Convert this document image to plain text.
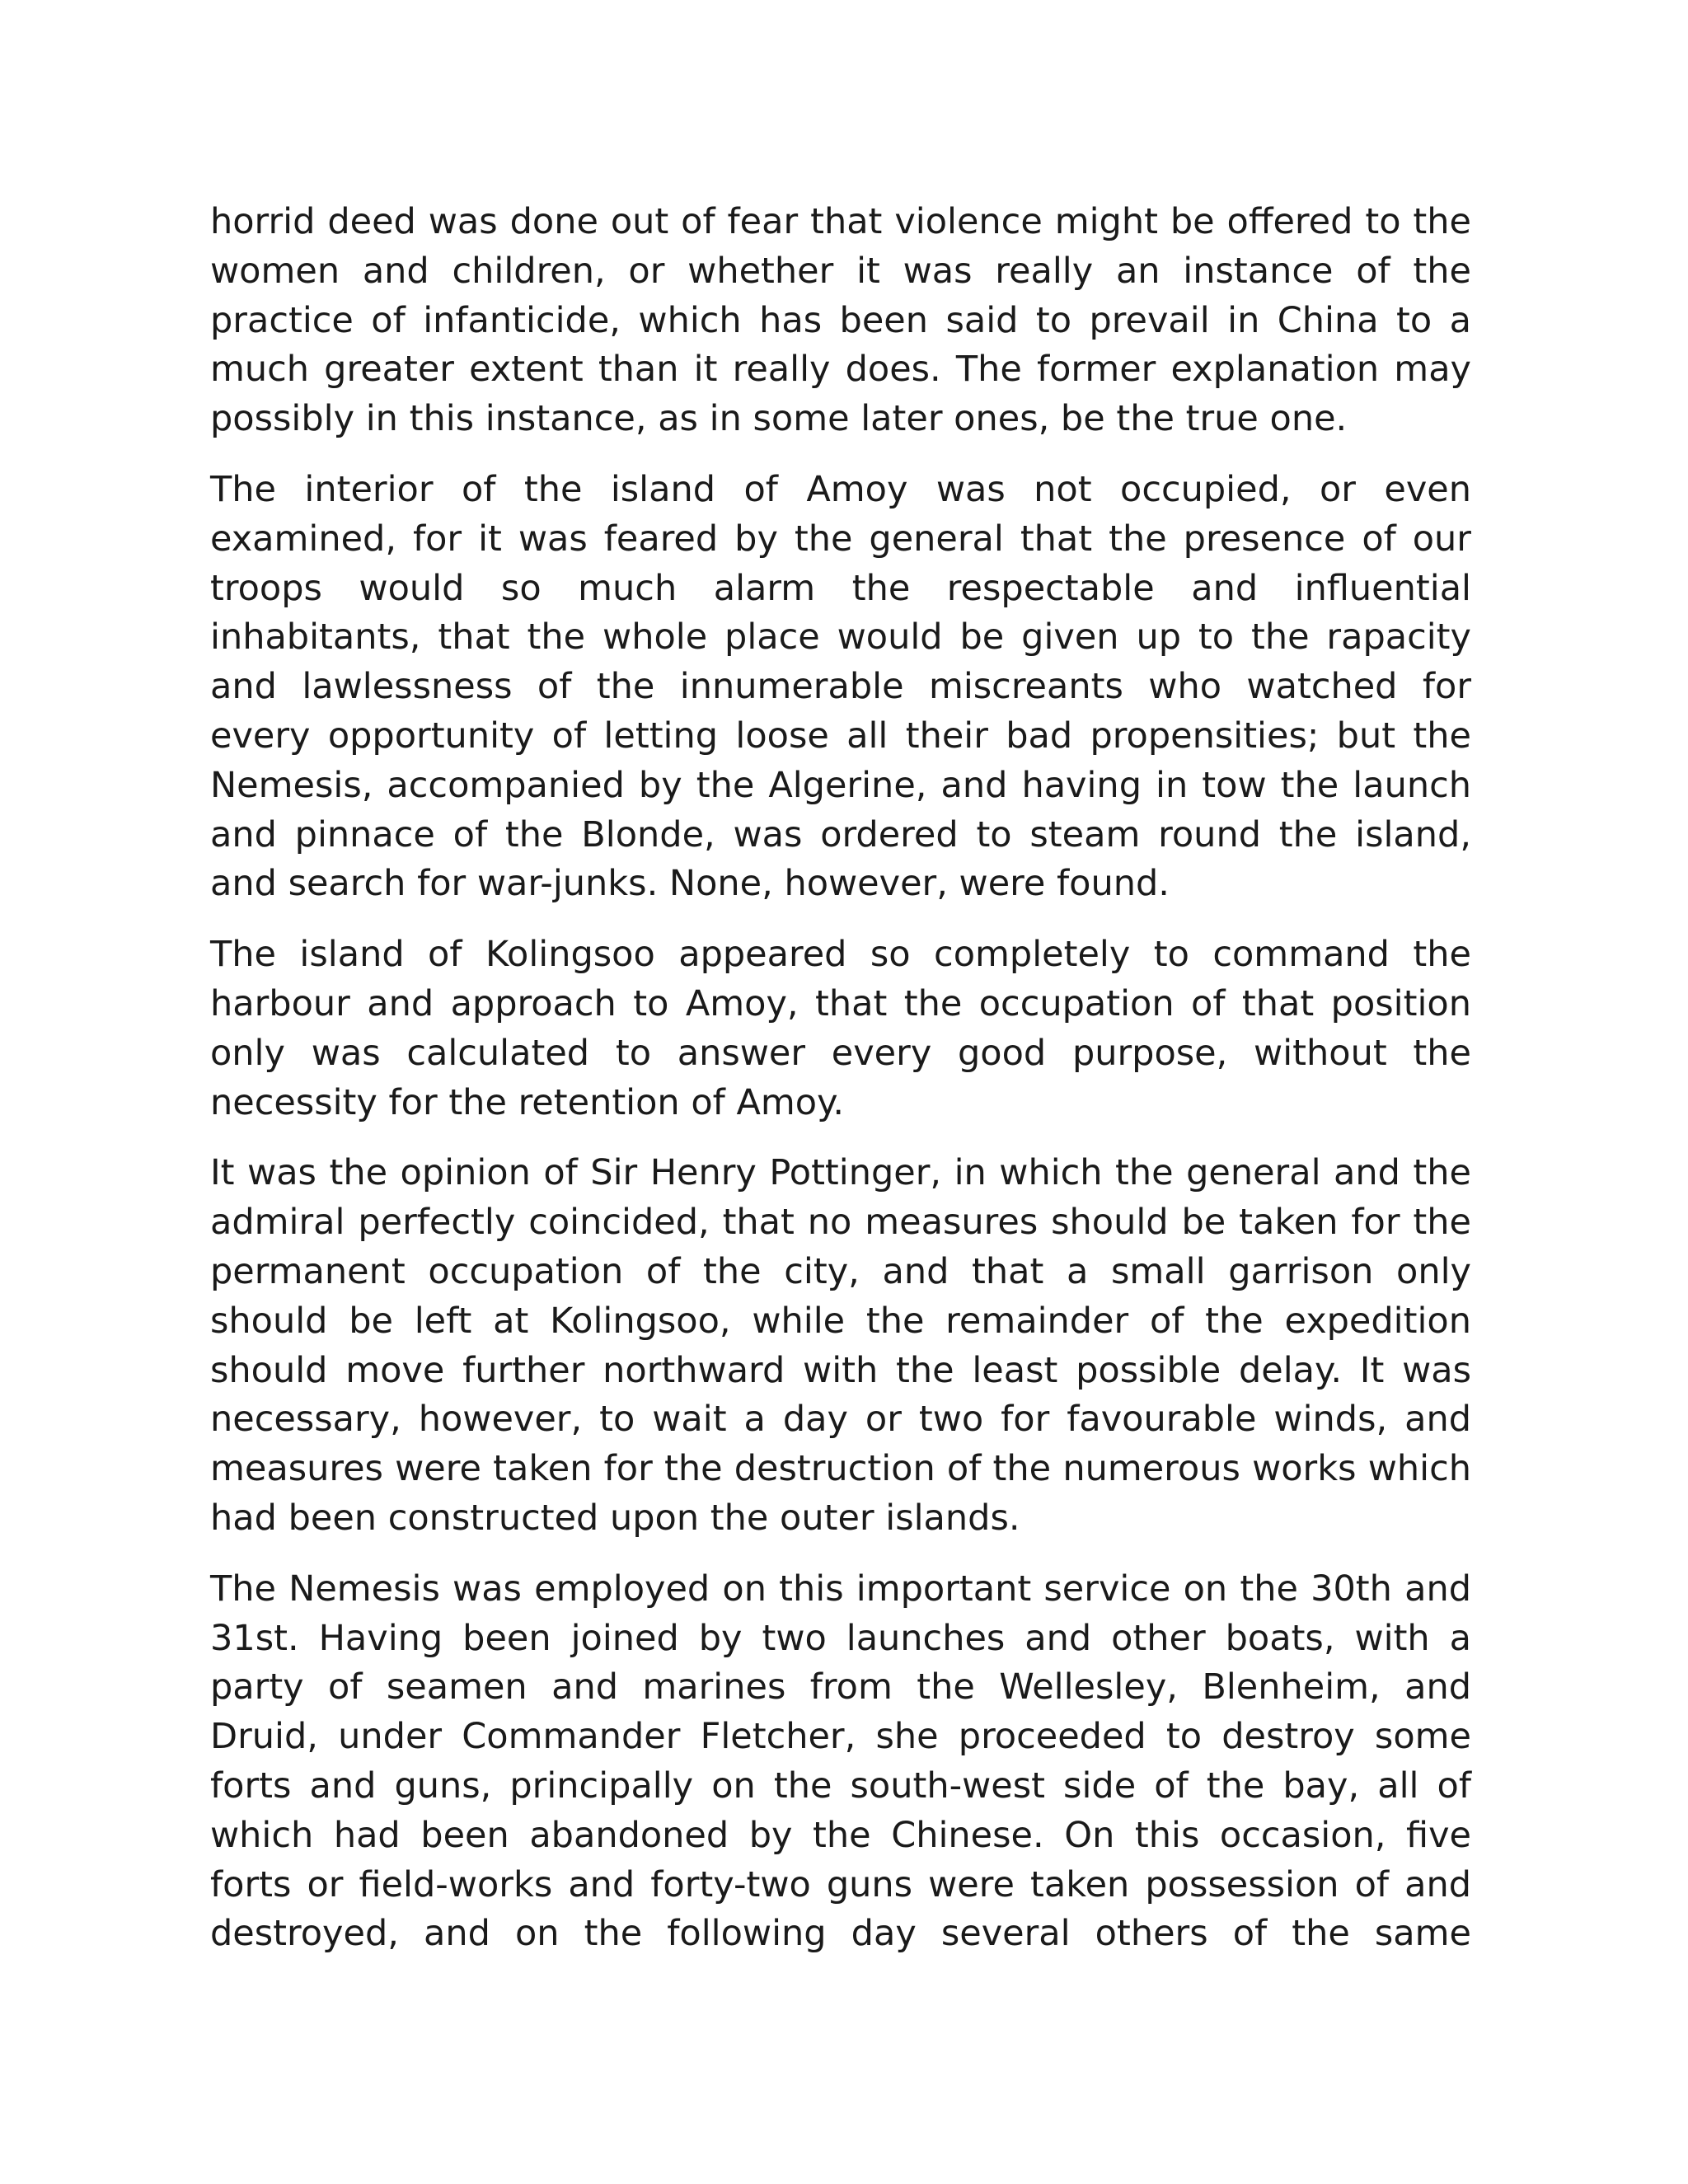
horrid deed was done out of fear that violence might be offered to the women and children, or whether it was really an instance of the practice of infanticide, which has been said to prevail in China to a much greater extent than it really does. The former explanation may possibly in this instance, as in some later ones, be the true one.

The interior of the island of Amoy was not occupied, or even examined, for it was feared by the general that the presence of our troops would so much alarm the respectable and influential inhabitants, that the whole place would be given up to the rapacity and lawlessness of the innumerable miscreants who watched for every opportunity of letting loose all their bad propensities; but the Nemesis, accompanied by the Algerine, and having in tow the launch and pinnace of the Blonde, was ordered to steam round the island, and search for war-junks. None, however, were found.

The island of Kolingsoo appeared so completely to command the harbour and approach to Amoy, that the occupation of that position only was calculated to answer every good purpose, without the necessity for the retention of Amoy.

It was the opinion of Sir Henry Pottinger, in which the general and the admiral perfectly coincided, that no measures should be taken for the permanent occupation of the city, and that a small garrison only should be left at Kolingsoo, while the remainder of the expedition should move further northward with the least possible delay. It was necessary, however, to wait a day or two for favourable winds, and measures were taken for the destruction of the numerous works which had been constructed upon the outer islands.

The Nemesis was employed on this important service on the 30th and 31st. Having been joined by two launches and other boats, with a party of seamen and marines from the Wellesley, Blenheim, and Druid, under Commander Fletcher, she proceeded to destroy some forts and guns, principally on the south-west side of the bay, all of which had been abandoned by the Chinese. On this occasion, five forts or field-works and forty-two guns were taken possession of and destroyed, and on the following day several others of the same
